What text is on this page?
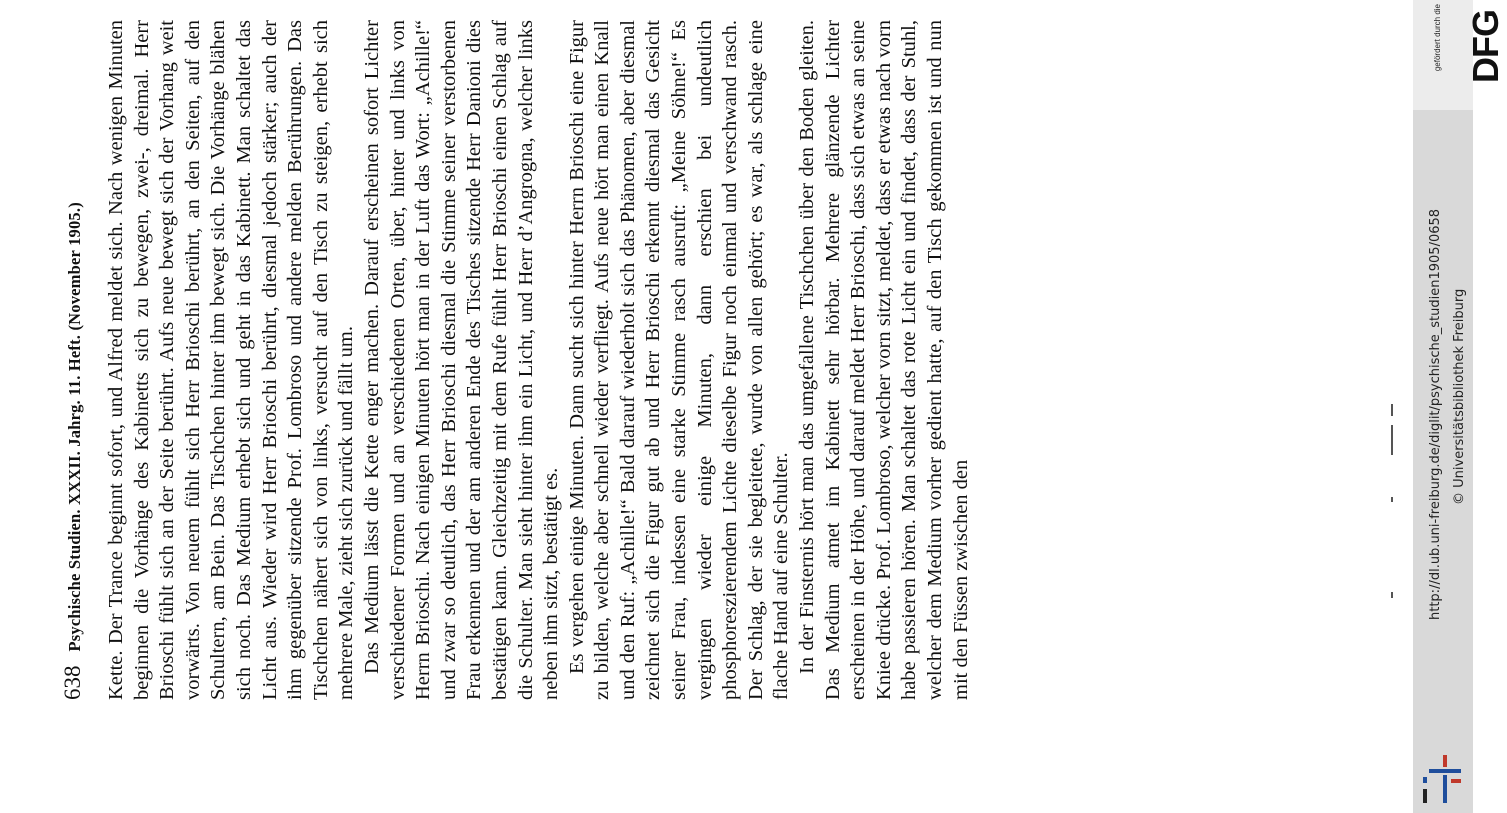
638
Psychische Studien. XXXII. Jahrg. 11. Heft. (November 1905.) Kette. Der Trance beginnt sofort, und Alfred meldet sich. Nach wenigen Minuten beginnen die Vorhänge des Kabinetts sich zu bewegen, zwei-, dreimal. Herr Brioschi fühlt sich an der Seite berührt. Aufs neue bewegt sich der Vorhang weit vorwärts. Von neuem fühlt sich Herr Brioschi berührt, an den Seiten, auf den Schultern, am Bein. Das Tischchen hinter ihm bewegt sich. Die Vorhänge blähen sich noch. Das Medium erhebt sich und geht in das Kabinett. Man schaltet das Licht aus. Wieder wird Herr Brioschi berührt, diesmal jedoch stärker; auch der ihm gegenüber sitzende Prof. Lombroso und andere melden Berührungen. Das Tischchen nähert sich von links, versucht auf den Tisch zu steigen, erhebt sich mehrere Male, zieht sich zurück und fällt um. Das Medium lässt die Kette enger machen. Darauf erscheinen sofort Lichter verschiedener Formen und an verschiedenen Orten, über, hinter und links von Herrn Brioschi. Nach einigen Minuten hört man in der Luft das Wort: „Achille!“ und zwar so deutlich, das Herr Brioschi diesmal die Stimme seiner verstorbenen Frau erkennen und der am anderen Ende des Tisches sitzende Herr Danioni dies bestätigen kann. Gleichzeitig mit dem Rufe fühlt Herr Brioschi einen Schlag auf die Schulter. Man sieht hinter ihm ein Licht, und Herr d’Angrogna, welcher links neben ihm sitzt, bestätigt es. Es vergehen einige Minuten. Dann sucht sich hinter Herrn Brioschi eine Figur zu bilden, welche aber schnell wieder verfliegt. Aufs neue hört man einen Knall und den Ruf: „Achille!“ Bald darauf wiederholt sich das Phänomen, aber diesmal zeichnet sich die Figur gut ab und Herr Brioschi erkennt diesmal das Gesicht seiner Frau, indessen eine starke Stimme rasch ausruft: „Meine Söhne!“ Es vergingen wieder einige Minuten, dann erschien bei undeutlich phosphoreszierendem Lichte dieselbe Figur noch einmal und verschwand rasch. Der Schlag, der sie begleitete, wurde von allen gehört; es war, als schlage eine flache Hand auf eine Schulter. In der Finsternis hört man das umgefallene Tischchen über den Boden gleiten. Das Medium atmet im Kabinett sehr hörbar. Mehrere glänzende Lichter erscheinen in der Höhe, und darauf meldet Herr Brioschi, dass sich etwas an seine Kniee drücke. Prof. Lombroso, welcher vorn sitzt, meldet, dass er etwas nach vorn habe passieren hören. Man schaltet das rote Licht ein und findet, dass der Stuhl, welcher dem Medium vorher gedient hatte, auf den Tisch gekommen ist und nun mit den Füssen zwischen den

gefördert durch die DFG
http://dl.ub.uni-freiburg.de/diglit/psychische_studien1905/0658 © Universitätsbibliothek Freiburg
